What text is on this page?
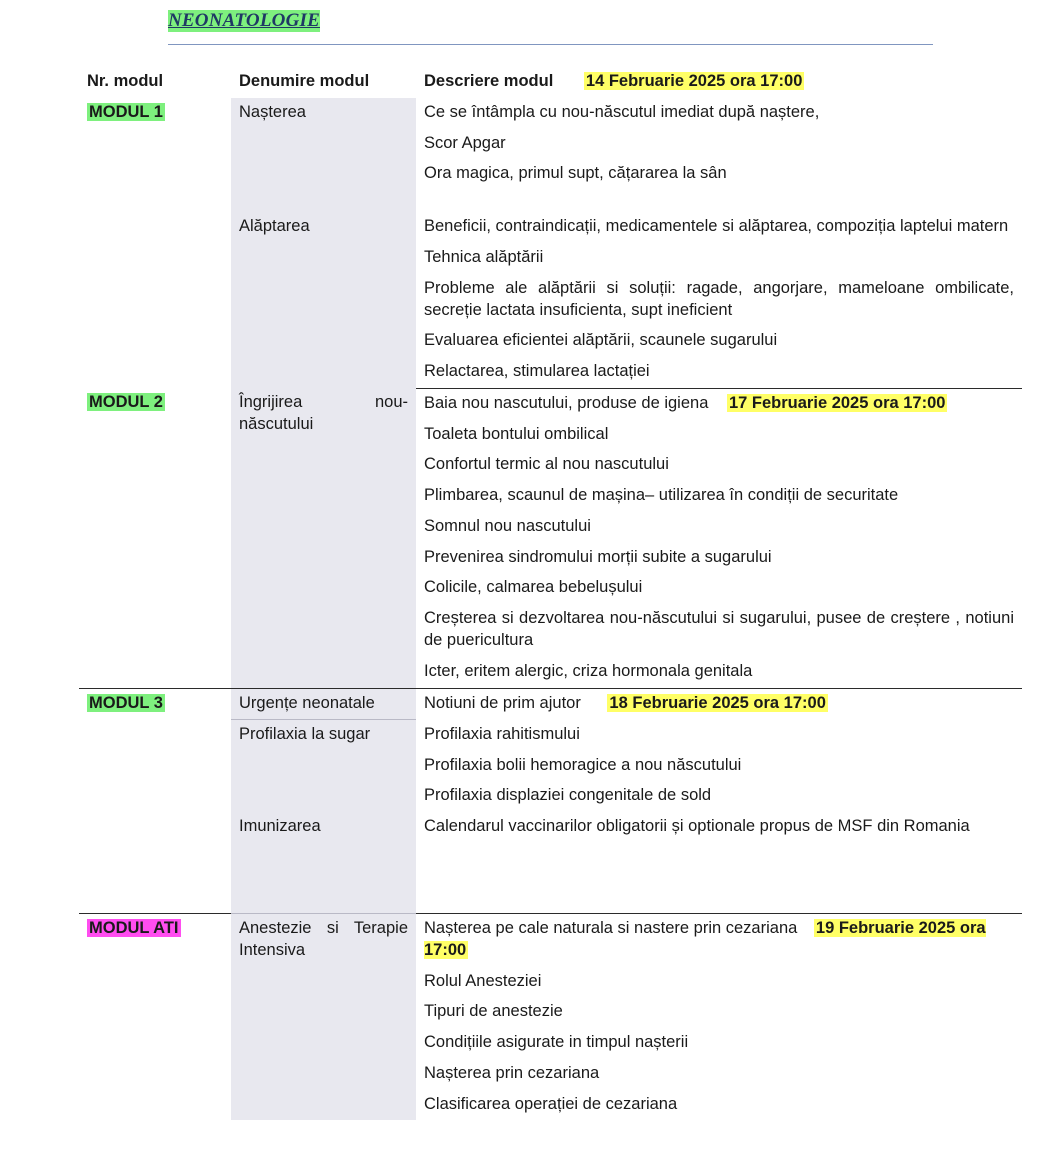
NEONATOLOGIE
Nr. modul	Denumire modul	Descriere modul 14 Februarie 2025 ora 17:00
MODUL 1	Nașterea	Ce se întâmpla cu nou-născutul imediat după naștere,
		Scor Apgar
		Ora magica, primul supt, cățararea la sân
	Alăptarea	Beneficii, contraindicații, medicamentele si alăptarea, compoziția laptelui matern
		Tehnica alăptării
		Probleme ale alăptării si soluții: ragade, angorjare, mameloane ombilicate, secreție lactata insuficienta, supt ineficient
		Evaluarea eficientei alăptării, scaunele sugarului
		Relactarea, stimularea lactației
MODUL 2	Îngrijirea nou-născutului	Baia nou nascutului, produse de igiena 17 Februarie 2025 ora 17:00
		Toaleta bontului ombilical
		Confortul termic al nou nascutului
		Plimbarea, scaunul de mașina– utilizarea în condiții de securitate
		Somnul nou nascutului
		Prevenirea sindromului morții subite a sugarului
		Colicile, calmarea bebelușului
		Creșterea si dezvoltarea nou-născutului si sugarului, pusee de creștere , notiuni de puericultura
		Icter, eritem alergic, criza hormonala genitala
MODUL 3	Urgențe neonatale	Notiuni de prim ajutor 18 Februarie 2025 ora 17:00
	Profilaxia la sugar	Profilaxia rahitismului
		Profilaxia bolii hemoragice a nou născutului
		Profilaxia displaziei congenitale de sold
	Imunizarea	Calendarul vaccinarilor obligatorii și optionale propus de MSF din Romania
MODUL ATI	Anestezie si Terapie Intensiva	Nașterea pe cale naturala si nastere prin cezariana 19 Februarie 2025 ora 17:00
		Rolul Anesteziei
		Tipuri de anestezie
		Condițiile asigurate in timpul nașterii
		Nașterea prin cezariana
		Clasificarea operației de cezariana
